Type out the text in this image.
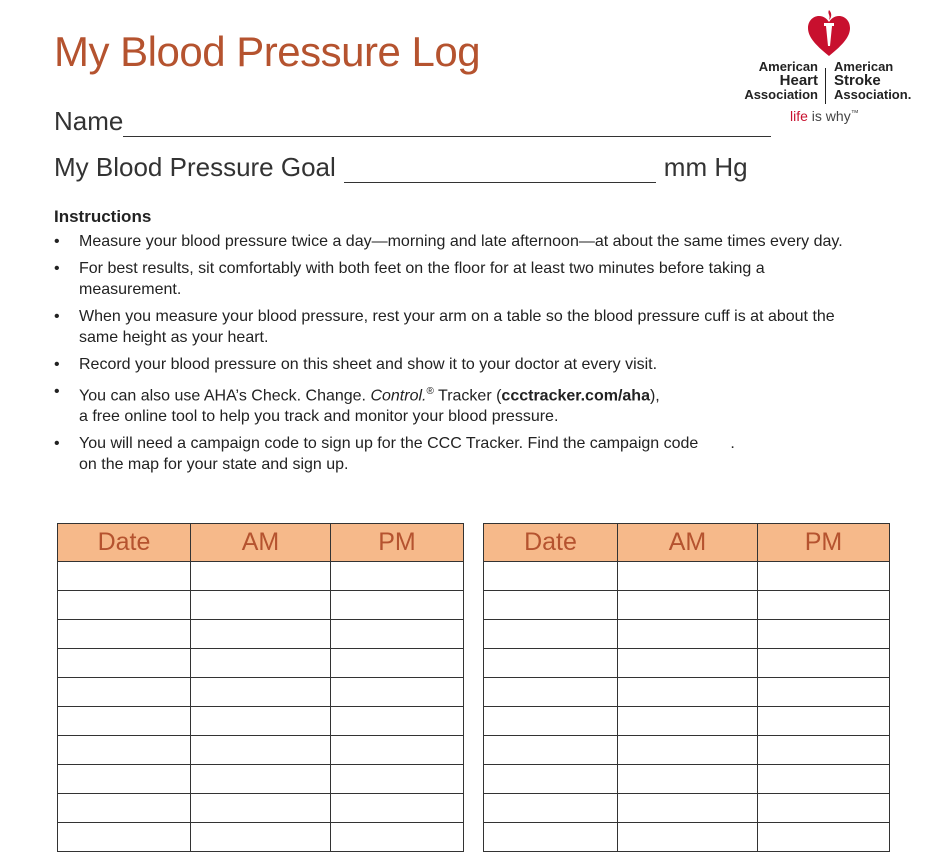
My Blood Pressure Log	American
Heart
Association
American
Stroke
Association.
life is why™
Name
My Blood Pressure Goal	mm Hg
Instructions
• Measure your blood pressure twice a day—morning and late afternoon—at about the same times every day.
• For best results, sit comfortably with both feet on the floor for at least two minutes before taking a measurement.
• When you measure your blood pressure, rest your arm on a table so the blood pressure cuff is at about the same height as your heart.
• Record your blood pressure on this sheet and show it to your doctor at every visit.
• You can also use AHA’s Check. Change. Control.® Tracker (ccctracker.com/aha),
a free online tool to help you track and monitor your blood pressure.
• You will need a campaign code to sign up for the CCC Tracker. Find the campaign code .
on the map for your state and sign up.
Date	AM	PM

			Date	AM	PM
